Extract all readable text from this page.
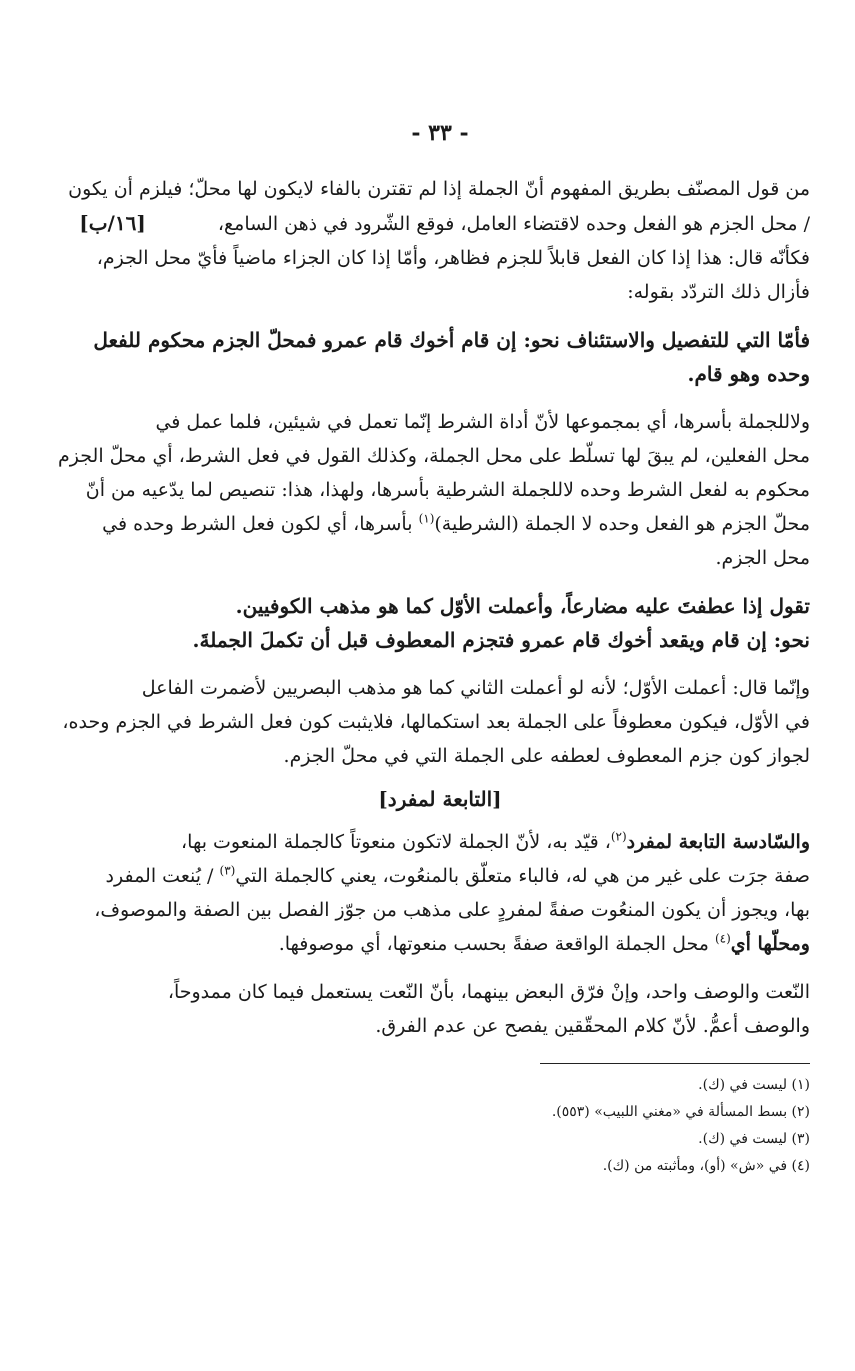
- ٣٣ -
من قول المصنّف بطريق المفهوم أنّ الجملة إذا لم تقترن بالفاء لايكون لها محلّ؛ فيلزم أن يكون
/ محل الجزم هو الفعل وحده لاقتضاء العامل، فوقع الشّرود في ذهن السامع،  [١٦/ب]
فكأنّه قال: هذا إذا كان الفعل قابلاً للجزم فظاهر، وأمّا إذا كان الجزاء ماضياً فأيّ محل الجزم،
فأزال ذلك التردّد بقوله:
فأمّا التي للتفصيل والاستئناف نحو: إن قام أخوك قام عمرو فمحلّ الجزم محكوم للفعل
وحده وهو قام.
ولاللجملة بأسرها، أي بمجموعها لأنّ أداة الشرط إنّما تعمل في شيئين، فلما عمل في
محل الفعلين، لم يبقَ لها تسلّط على محل الجملة، وكذلك القول في فعل الشرط، أي محلّ الجزم
محكوم به لفعل الشرط وحده لاللجملة الشرطية بأسرها، ولهذا، هذا: تنصيص لما يدّعيه من أنّ
محلّ الجزم هو الفعل وحده لا الجملة (الشرطية)$^{(١)}$ بأسرها، أي لكون فعل الشرط وحده في
محل الجزم.
تقول إذا عطفتَ عليه مضارعاً، وأعملت الأوّل كما هو مذهب الكوفيين.
نحو: إن قام ويقعد أخوك قام عمرو فتجزم المعطوف قبل أن تكملَ الجملةَ.
وإنّما قال: أعملت الأوّل؛ لأنه لو أعملت الثاني كما هو مذهب البصريين لأضمرت الفاعل
في الأوّل، فيكون معطوفاً على الجملة بعد استكمالها، فلايثبت كون فعل الشرط في الجزم وحده،
لجواز كون جزم المعطوف لعطفه على الجملة التي في محلّ الجزم.
[التابعة لمفرد]
والسّادسة التابعة لمفرد$^{(٢)}$، قيّد به، لأنّ الجملة لاتكون منعوتاً كالجملة المنعوت بها،
صفة جرَت على غير من هي له، فالباء متعلّق بالمنعُوت، يعني كالجملة التي$^{(٣)}$ / يُنعت المفرد
بها، ويجوز أن يكون المنعُوت صفةً لمفردٍ على مذهب من جوّز الفصل بين الصفة والموصوف،
ومحلّها أي$^{(٤)}$ محل الجملة الواقعة صفةً بحسب منعوتها، أي موصوفها.
النّعت والوصف واحد، وإنْ فرّق البعض بينهما، بأنّ النّعت يستعمل فيما كان ممدوحاً،
والوصف أعمُّ. لأنّ كلام المحقّقين يفصح عن عدم الفرق.
(١) ليست في (ك).
(٢) بسط المسألة في «مغني اللبيب» (٥٥٣).
(٣) ليست في (ك).
(٤) في «ش» (أو)، ومأثبته من (ك).
